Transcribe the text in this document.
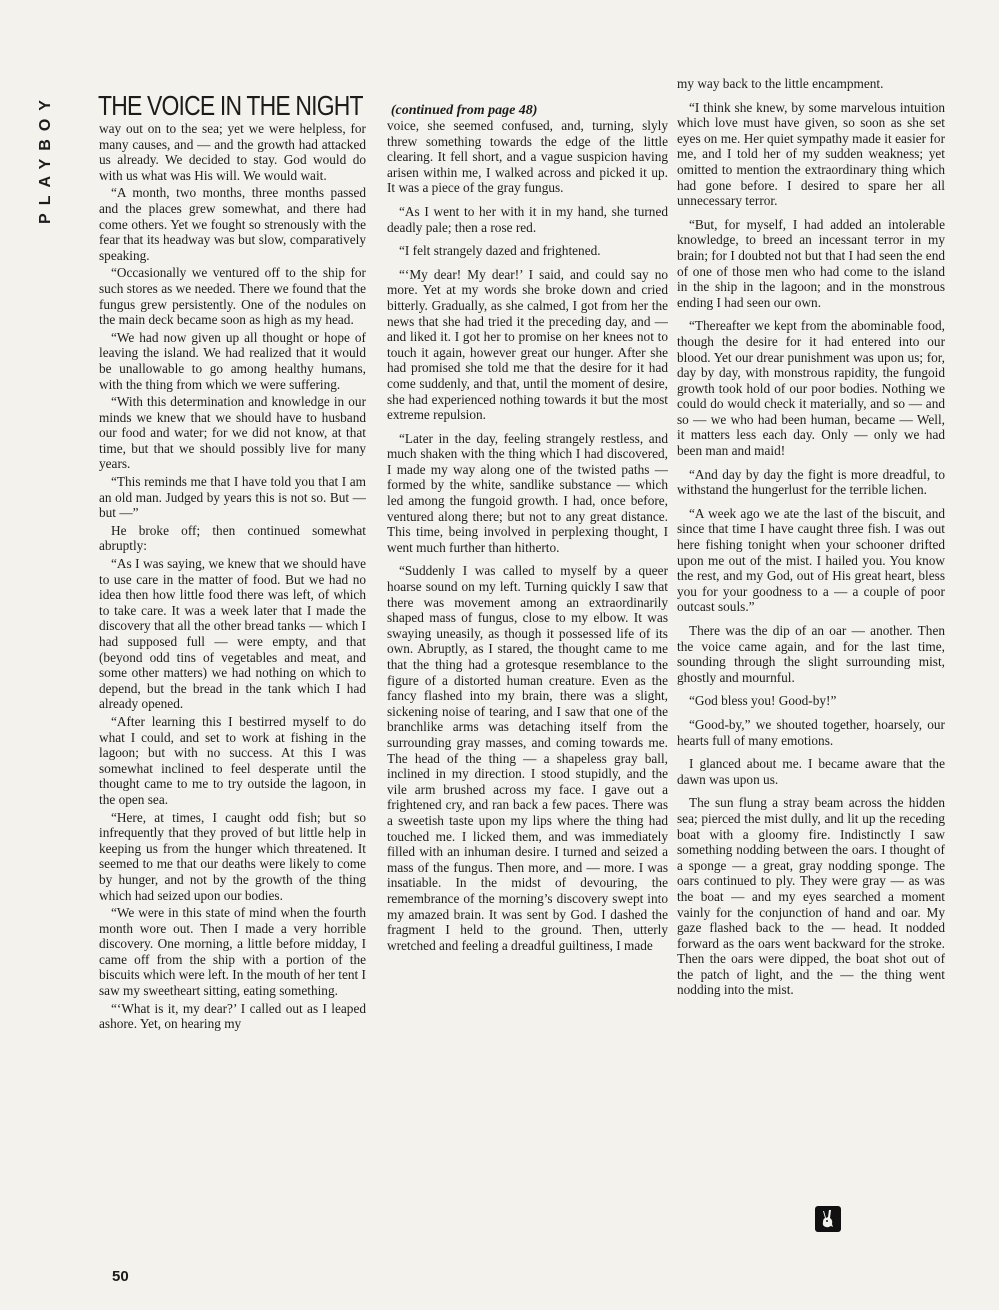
PLAYBOY THE VOICE IN THE NIGHT (continued from page 48)

way out on to the sea; yet we were helpless, for many causes, and — and the growth had attacked us already. We decided to stay. God would do with us what was His will. We would wait.

“A month, two months, three months passed and the places grew somewhat, and there had come others. Yet we fought so strenously with the fear that its headway was but slow, comparatively speaking.

“Occasionally we ventured off to the ship for such stores as we needed. There we found that the fungus grew persistently. One of the nodules on the main deck became soon as high as my head.

“We had now given up all thought or hope of leaving the island. We had realized that it would be unallowable to go among healthy humans, with the thing from which we were suffering.

“With this determination and knowledge in our minds we knew that we should have to husband our food and water; for we did not know, at that time, but that we should possibly live for many years.

“This reminds me that I have told you that I am an old man. Judged by years this is not so. But — but —”

He broke off; then continued somewhat abruptly:

“As I was saying, we knew that we should have to use care in the matter of food. But we had no idea then how little food there was left, of which to take care. It was a week later that I made the discovery that all the other bread tanks — which I had supposed full — were empty, and that (beyond odd tins of vegetables and meat, and some other matters) we had nothing on which to depend, but the bread in the tank which I had already opened.

“After learning this I bestirred myself to do what I could, and set to work at fishing in the lagoon; but with no success. At this I was somewhat inclined to feel desperate until the thought came to me to try outside the lagoon, in the open sea.

“Here, at times, I caught odd fish; but so infrequently that they proved of but little help in keeping us from the hunger which threatened. It seemed to me that our deaths were likely to come by hunger, and not by the growth of the thing which had seized upon our bodies.

“We were in this state of mind when the fourth month wore out. Then I made a very horrible discovery. One morning, a little before midday, I came off from the ship with a portion of the biscuits which were left. In the mouth of her tent I saw my sweetheart sitting, eating something.

“‘What is it, my dear?’ I called out as I leaped ashore. Yet, on hearing my

voice, she seemed confused, and, turning, slyly threw something towards the edge of the little clearing. It fell short, and a vague suspicion having arisen within me, I walked across and picked it up. It was a piece of the gray fungus.

“As I went to her with it in my hand, she turned deadly pale; then a rose red.

“I felt strangely dazed and frightened.

“‘My dear! My dear!’ I said, and could say no more. Yet at my words she broke down and cried bitterly. Gradually, as she calmed, I got from her the news that she had tried it the preceding day, and — and liked it. I got her to promise on her knees not to touch it again, however great our hunger. After she had promised she told me that the desire for it had come suddenly, and that, until the moment of desire, she had experienced nothing towards it but the most extreme repulsion.

“Later in the day, feeling strangely restless, and much shaken with the thing which I had discovered, I made my way along one of the twisted paths — formed by the white, sandlike substance — which led among the fungoid growth. I had, once before, ventured along there; but not to any great distance. This time, being involved in perplexing thought, I went much further than hitherto.

“Suddenly I was called to myself by a queer hoarse sound on my left. Turning quickly I saw that there was movement among an extraordinarily shaped mass of fungus, close to my elbow. It was swaying uneasily, as though it possessed life of its own. Abruptly, as I stared, the thought came to me that the thing had a grotesque resemblance to the figure of a distorted human creature. Even as the fancy flashed into my brain, there was a slight, sickening noise of tearing, and I saw that one of the branchlike arms was detaching itself from the surrounding gray masses, and coming towards me. The head of the thing — a shapeless gray ball, inclined in my direction. I stood stupidly, and the vile arm brushed across my face. I gave out a frightened cry, and ran back a few paces. There was a sweetish taste upon my lips where the thing had touched me. I licked them, and was immediately filled with an inhuman desire. I turned and seized a mass of the fungus. Then more, and — more. I was insatiable. In the midst of devouring, the remembrance of the morning’s discovery swept into my amazed brain. It was sent by God. I dashed the fragment I held to the ground. Then, utterly wretched and feeling a dreadful guiltiness, I made

my way back to the little encampment.

“I think she knew, by some marvelous intuition which love must have given, so soon as she set eyes on me. Her quiet sympathy made it easier for me, and I told her of my sudden weakness; yet omitted to mention the extraordinary thing which had gone before. I desired to spare her all unnecessary terror.

“But, for myself, I had added an intolerable knowledge, to breed an incessant terror in my brain; for I doubted not but that I had seen the end of one of those men who had come to the island in the ship in the lagoon; and in the monstrous ending I had seen our own.

“Thereafter we kept from the abominable food, though the desire for it had entered into our blood. Yet our drear punishment was upon us; for, day by day, with monstrous rapidity, the fungoid growth took hold of our poor bodies. Nothing we could do would check it materially, and so — and so — we who had been human, became — Well, it matters less each day. Only — only we had been man and maid!

“And day by day the fight is more dreadful, to withstand the hungerlust for the terrible lichen.

“A week ago we ate the last of the biscuit, and since that time I have caught three fish. I was out here fishing tonight when your schooner drifted upon me out of the mist. I hailed you. You know the rest, and my God, out of His great heart, bless you for your goodness to a — a couple of poor outcast souls.”

There was the dip of an oar — another. Then the voice came again, and for the last time, sounding through the slight surrounding mist, ghostly and mournful.

“God bless you! Good-by!”

“Good-by,” we shouted together, hoarsely, our hearts full of many emotions.

I glanced about me. I became aware that the dawn was upon us.

The sun flung a stray beam across the hidden sea; pierced the mist dully, and lit up the receding boat with a gloomy fire. Indistinctly I saw something nodding between the oars. I thought of a sponge — a great, gray nodding sponge. The oars continued to ply. They were gray — as was the boat — and my eyes searched a moment vainly for the conjunction of hand and oar. My gaze flashed back to the — head. It nodded forward as the oars went backward for the stroke. Then the oars were dipped, the boat shot out of the patch of light, and the — the thing went nodding into the mist.

50
